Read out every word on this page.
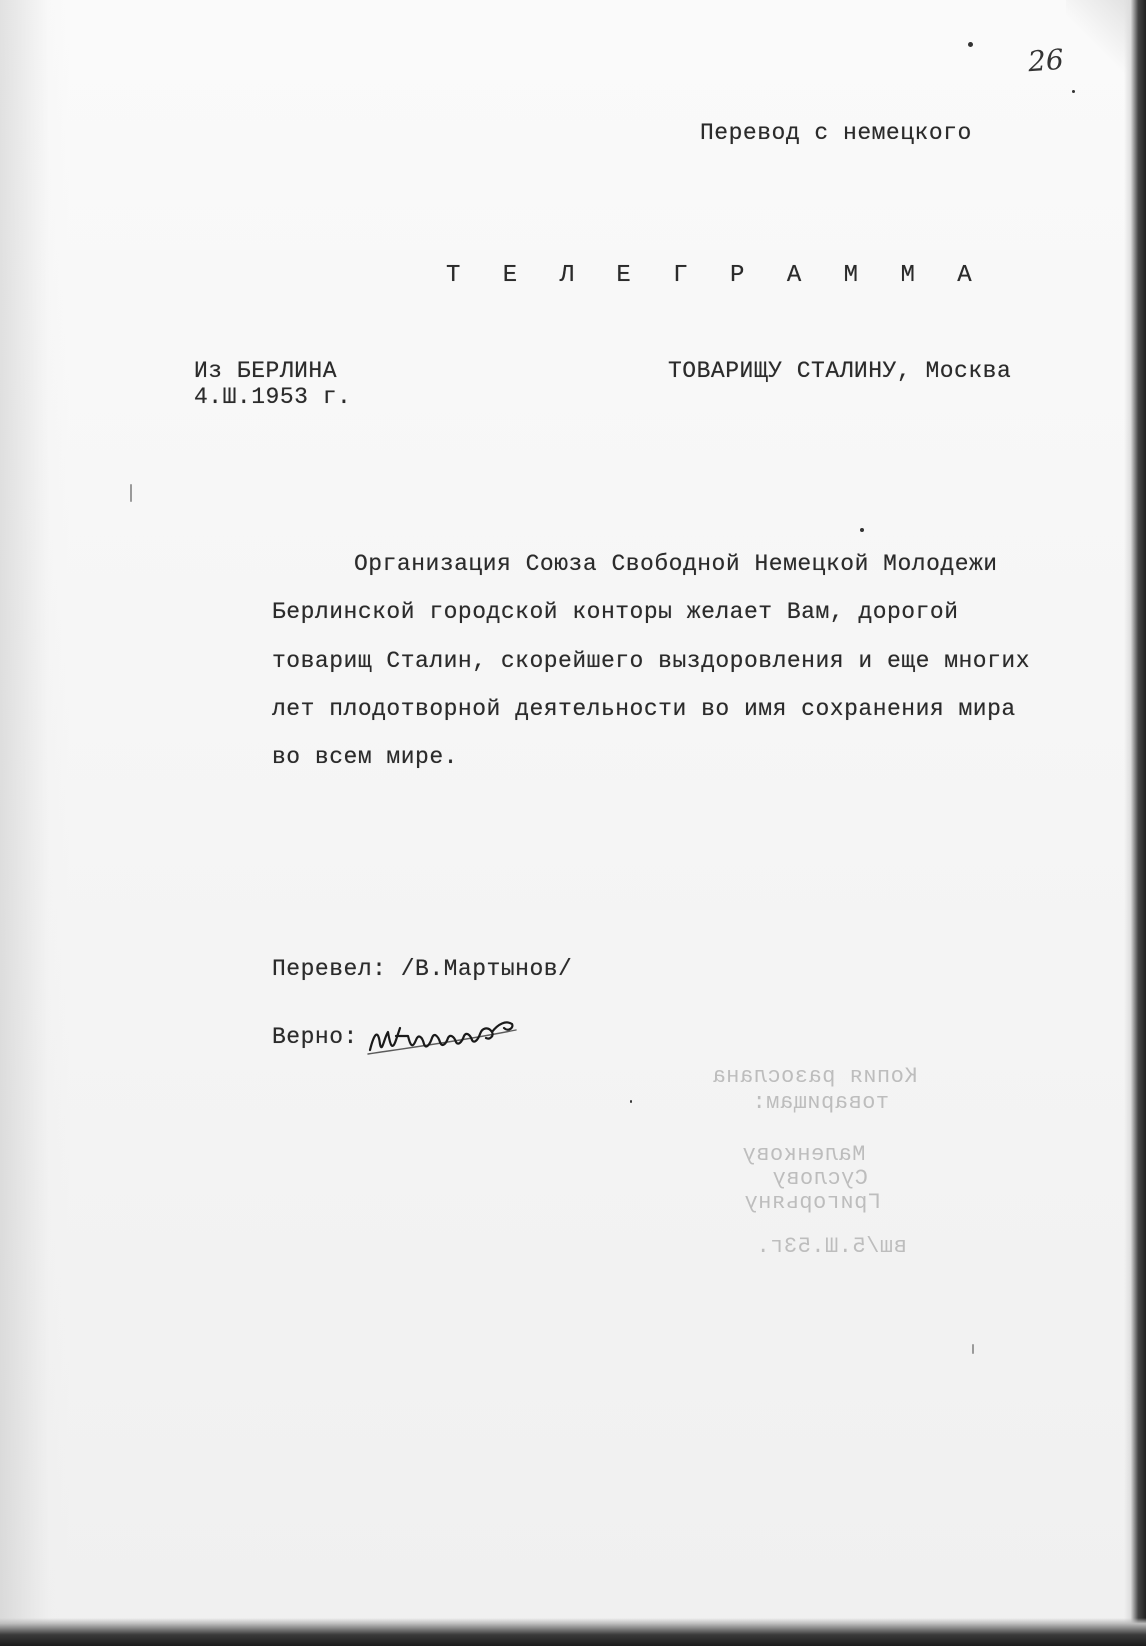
26
Перевод с немецкого
Т Е Л Е Г Р А М М А
Из БЕРЛИНА
4.Ш.1953 г.
ТОВАРИЩУ СТАЛИНУ, Москва
Организация Союза Свободной Немецкой Молодежи
Берлинской городской конторы желает Вам, дорогой
товарищ Сталин, скорейшего выздоровления и еще многих
лет плодотворной деятельности во имя сохранения мира
во всем мире.
Перевел: /В.Мартынов/
Верно:
Копия разослана
товарищам:
Маленкову
Суслову
Григорьяну
вш/5.Ш.53г.
